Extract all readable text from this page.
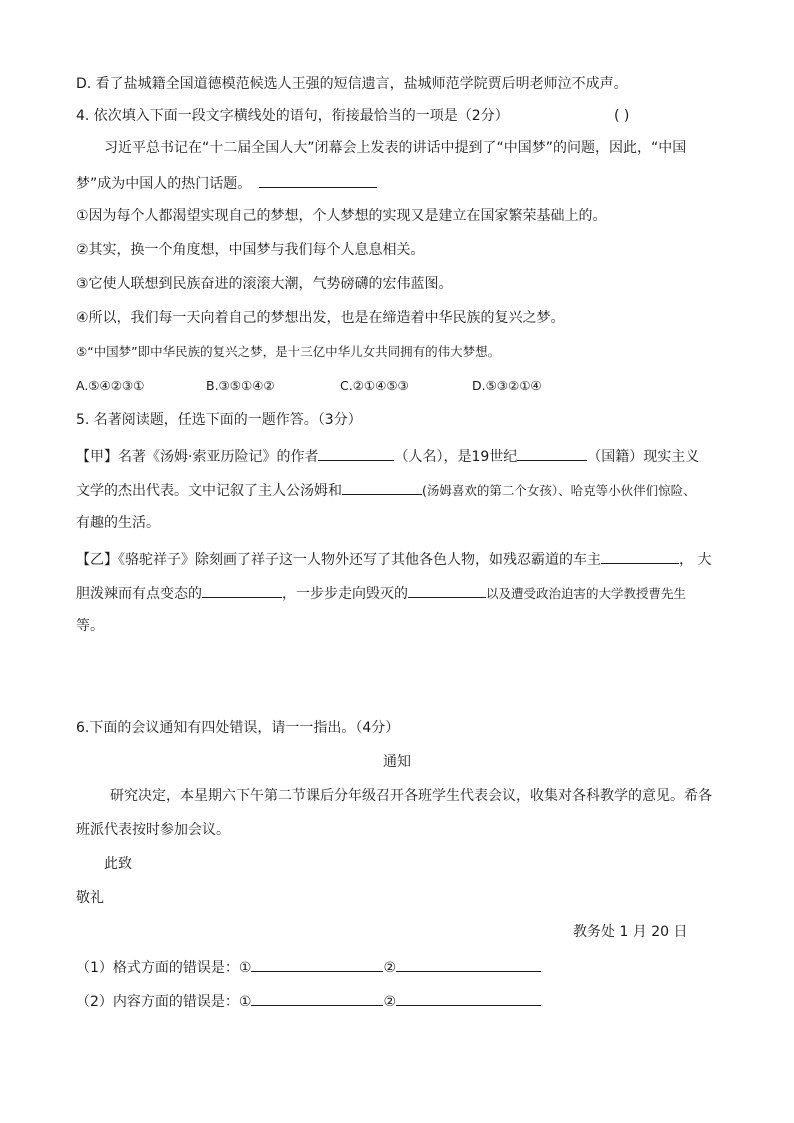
D. 看了盐城籍全国道德模范候选人王强的短信遗言，盐城师范学院贾后明老师泣不成声。
4. 依次填入下面一段文字横线处的语句，衔接最恰当的一项是（2分）	( )
习近平总书记在“十二届全国人大”闭幕会上发表的讲话中提到了“中国梦”的问题，因此，“中国
梦”成为中国人的热门话题。
①因为每个人都渴望实现自己的梦想，个人梦想的实现又是建立在国家繁荣基础上的。
②其实，换一个角度想，中国梦与我们每个人息息相关。
③它使人联想到民族奋进的滚滚大潮，气势磅礴的宏伟蓝图。
④所以，我们每一天向着自己的梦想出发，也是在缔造着中华民族的复兴之梦。
⑤“中国梦”即中华民族的复兴之梦，是十三亿中华儿女共同拥有的伟大梦想。
A.⑤④②③①	B.③⑤①④②	C.②①④⑤③	D.⑤③②①④
5. 名著阅读题，任选下面的一题作答。（3分）
【甲】名著《汤姆·索亚历险记》的作者	（人名），是19世纪	（国籍）现实主义
文学的杰出代表。文中记叙了主人公汤姆和	(汤姆喜欢的第二个女孩）、哈克等小伙伴们惊险、
有趣的生活。
【乙】《骆驼祥子》除刻画了祥子这一人物外还写了其他各色人物，如残忍霸道的车主	， 大
胆泼辣而有点变态的	，一步步走向毁灭的	以及遭受政治迫害的大学教授曹先生
等。
6.下面的会议通知有四处错误，请一一指出。（4分）
通知
研究决定，本星期六下午第二节课后分年级召开各班学生代表会议，收集对各科教学的意见。希各
班派代表按时参加会议。
此致
敬礼
教务处 1 月 20 日
（1）格式方面的错误是：①	②
（2）内容方面的错误是：①	②
